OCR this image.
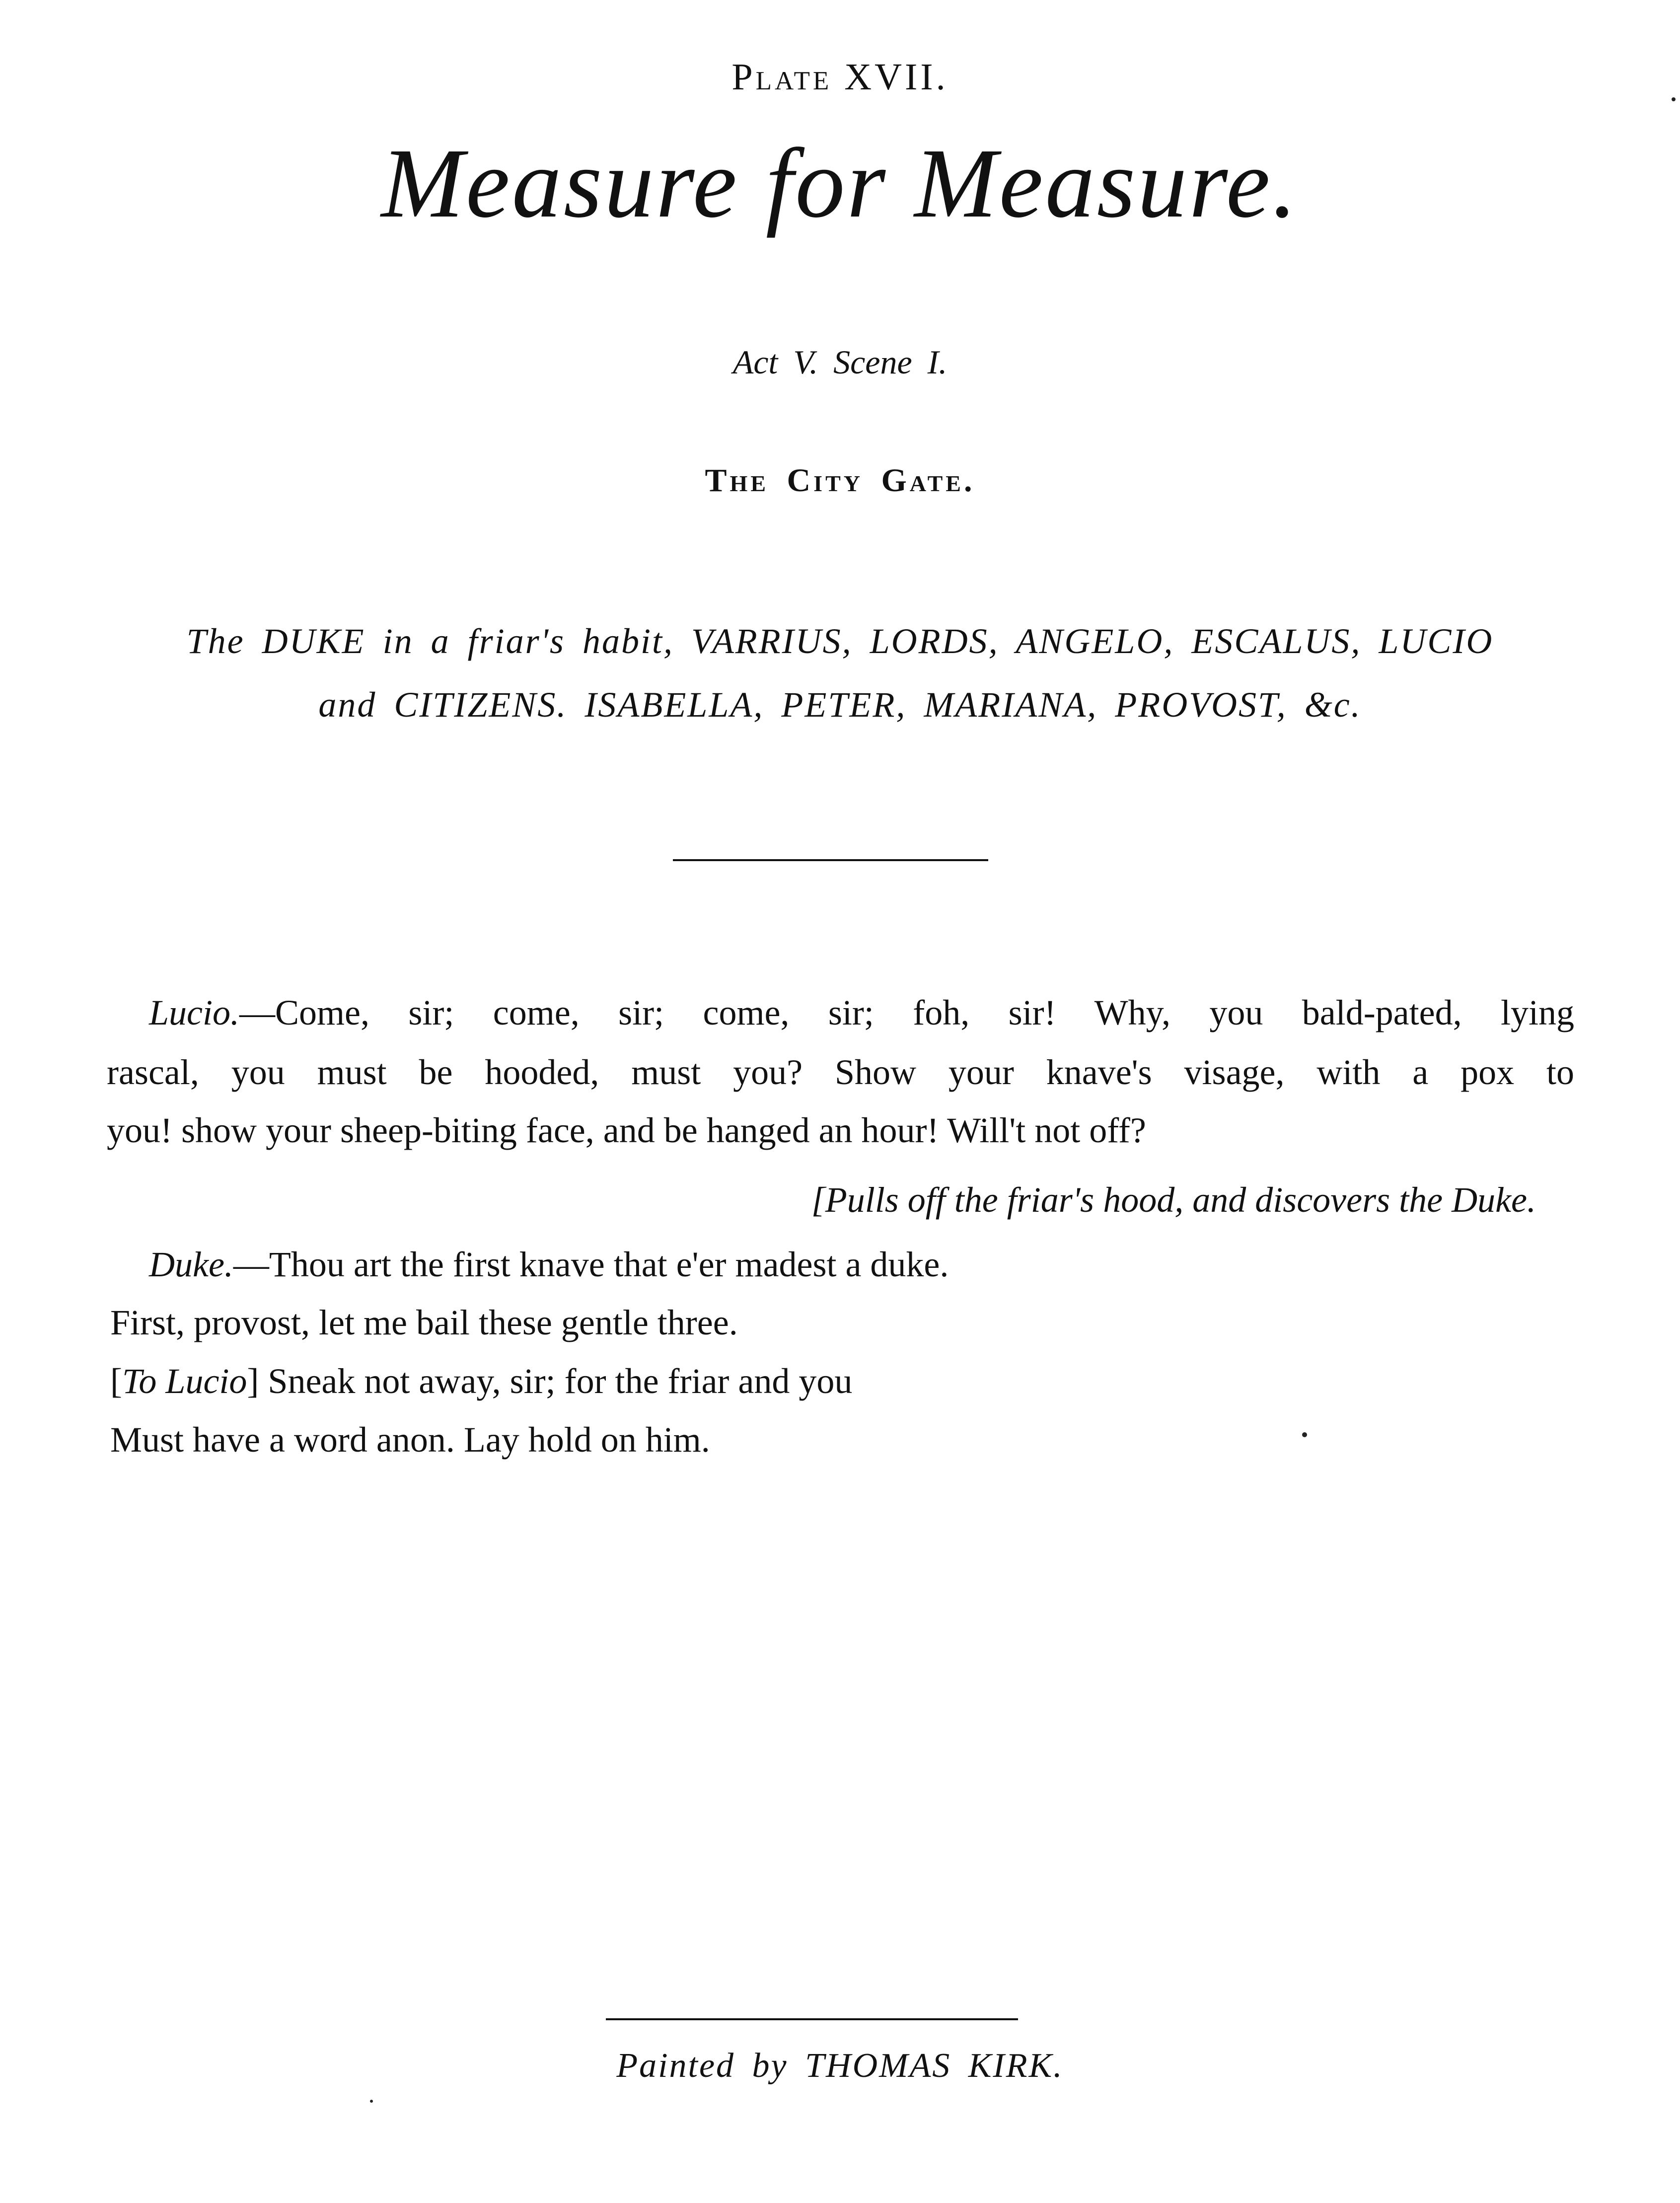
Plate XVII.
Measure for Measure.
Act V. Scene I.
The City Gate.
The DUKE in a friar's habit, VARRIUS, LORDS, ANGELO, ESCALUS, LUCIO
and CITIZENS. ISABELLA, PETER, MARIANA, PROVOST, &c.
Lucio.—Come, sir; come, sir; come, sir; foh, sir! Why, you bald-pated, lying
rascal, you must be hooded, must you? Show your knave's visage, with a pox to
you! show your sheep-biting face, and be hanged an hour! Will't not off?
[Pulls off the friar's hood, and discovers the Duke.
Duke.—Thou art the first knave that e'er madest a duke.
First, provost, let me bail these gentle three.
[To Lucio] Sneak not away, sir; for the friar and you
Must have a word anon. Lay hold on him.
Painted by THOMAS KIRK.
